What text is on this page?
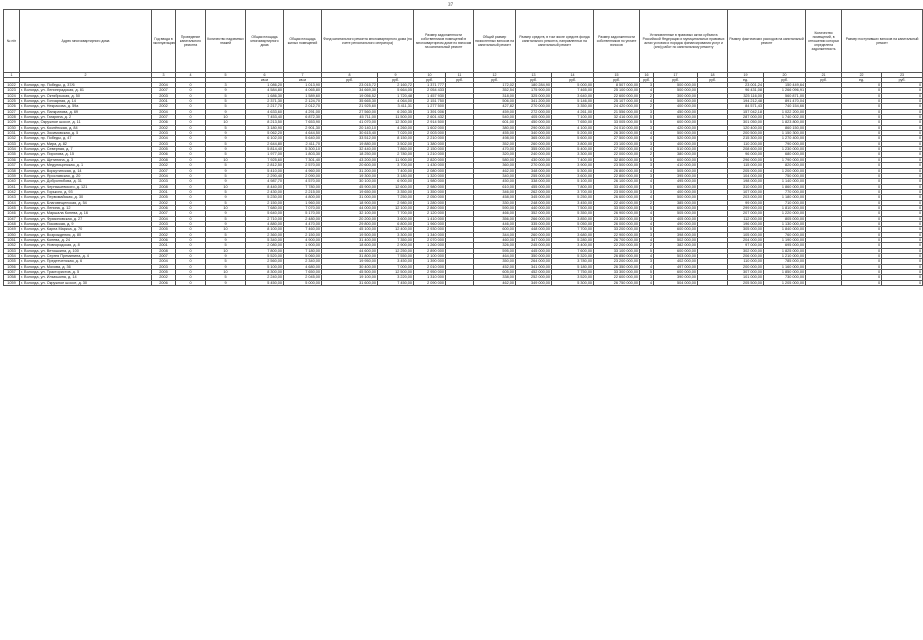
37
№ п/п	Адрес многоквартирного дома	Год ввода в эксплуатацию	Проведение капитального ремонта	Количество надземных этажей	Общая площадь многоквартирного дома	Общая площадь жилых помещений	Фонд капитального ремонта многоквартирного дома (на счете регионального оператора)		Размер задолженности собственников помещений в многоквартирном доме по взносам на капитальный ремонт		Общий размер начисленных взносов на капитальный ремонт	Размер средств, в том числе средств фонда капитального ремонта, направленных на капитальный ремонт		Размер задолженности собственников по уплате взносов	Установленные в правовых актах субъекта Российской Федерации и муниципальных правовых актах условия и порядок финансирования услуг и (или) работ по капитальному ремонту			Размер фактических расходов на капитальный ремонт		Количество помещений, в отношении которых определена задолженность	Размер поступивших взносов на капитальный ремонт	
1	2	3	4	5	6	7	8	9	10	11	12	13	14	15	16	17	18	19	20	21	22	23
					кв.м	кв.м	руб.	руб.	руб.	руб.	руб.	руб.	руб.	руб.	руб.	руб.	руб.	ед.	руб.	руб.	ед.	руб.
1022	г. Вологда, пр. Победы, д. 37/6	2004	0	3	1 086,20	1 013,90	23 015,72	2 160,72	1 371 777		172,02	180 284,90	5 000,00	8 507 000,00	3	500 000,00		23 001,24	150 449,64		0	0
1023	г. Вологда, ул. Ленинградская, д. 81	2007	0	9	4 584,80	4 065,80	34 669,30	5 664,05	2 054 433		352,54	175 900,00	7 465,00	25 100 000,00	4	500 000,00		96 431,08	1 266 096,91		0	0
1024	г. Вологда, ул. Октябрьская, д. 50	2003	0	5	1 686,30	1 589,60	19 056,52	1 720,48	1 457 930		318,00	325 000,00	3 640,00	22 600 000,00	2	300 000,00		325 116,00	560 871,00		0	0
1025	г. Вологда, ул. Гончарная, д. 14	2001	0	5	2 371,30	2 124,70	35 665,30	4 064,00	2 151 750		506,00	341 200,00	5 146,00	25 107 000,00	4	500 000,00		194 212,48	891 470,04		0	0
1026	г. Вологда, ул. Некрасова, д. 59а	2002	0	5	2 217,70	2 012,70	21 925,60	3 411,31	1 277 500		427,82	270 000,00	3 350,00	24 420 000,00	2	400 000,00		84 571,43	740 154,66		0	0
1027	г. Вологда, ул. Панкратова, д. 69	2004	0	9	4 633,60	4 291,00	27 560,00	6 260,35	1 391 006		459,00	272 000,00	4 261,00	21 556 000,00	3	450 000,00		157 042,18	1 022 200,00		0	0
1028	г. Вологда, ул. Гагарина, д. 2	2007	0	10	7 453,40	6 872,30	45 711,00	11 500,00	2 601 432		540,00	405 000,00	7 100,00	32 416 000,00	5	600 000,00		287 000,00	1 740 002,00		0	0
1029	г. Вологда, Окружное шоссе, д. 11	2006	0	10	8 213,50	7 653,90	41 070,00	12 300,00	2 914 500		601,00	450 000,00	7 650,00	33 005 000,00	5	600 000,00		301 050,00	1 823 800,00		0	0
1030	г. Вологда, ул. Козлёнская, д. 84	2002	0	5	3 180,90	2 901,30	20 140,10	4 260,00	1 602 000		380,00	290 000,00	4 100,00	24 010 000,00	3	420 000,00		120 400,00	860 150,00		0	0
1031	г. Вологда, ул. Зосимовская, д. 5	2003	0	9	5 062,20	4 644,50	30 615,40	7 020,00	2 003 000		455,00	340 000,00	5 200,00	26 300 000,00	4	500 000,00		200 500,00	1 150 300,00		0	0
1032	г. Вологда, пр. Победы, д. 47	2004	0	9	6 102,00	5 640,00	33 512,00	8 150,00	2 210 000		498,00	365 000,00	5 600,00	27 500 000,00	4	520 000,00		215 300,00	1 270 400,00		0	0
1033	г. Вологда, ул. Мира, д. 82	2003	0	5	2 644,80	2 411,70	19 880,00	3 502,00	1 380 000		352,00	260 000,00	3 800,00	23 100 000,00	3	400 000,00		110 200,00	790 000,00		0	0
1034	г. Вологда, ул. Северная, д. 7	2005	0	9	5 814,40	5 300,10	32 440,00	7 860,00	2 150 000		470,00	355 000,00	5 400,00	27 000 000,00	4	510 000,00		208 600,00	1 230 000,00		0	0
1035	г. Вологда, ул. Пирогова, д. 15	2006	0	5	1 977,00	1 803,30	18 250,00	2 780,00	1 210 000		320,00	240 000,00	3 300,00	22 000 000,00	2	380 000,00		96 000,00	680 000,00		0	0
1036	г. Вологда, ул. Щетинина, д. 3	2008	0	10	7 925,60	7 301,40	43 200,00	11 900,00	2 820 000		580,00	430 000,00	7 400,00	32 800 000,00	5	600 000,00		296 000,00	1 790 000,00		0	0
1037	г. Вологда, ул. Медуницинская, д. 1	2002	0	5	2 812,50	2 570,00	20 600,00	3 700,00	1 430 000		360,00	270 000,00	3 900,00	23 500 000,00	3	410 000,00		115 000,00	820 000,00		0	0
1038	г. Вологда, ул. Воркутинская, д. 14	2007	0	9	5 410,00	4 960,00	31 200,00	7 400,00	2 080 000		462,00	348 000,00	5 300,00	26 800 000,00	4	505 000,00		205 000,00	1 200 000,00		0	0
1039	г. Вологда, ул. Ярославская, д. 20	2004	0	5	2 290,40	2 090,00	19 300,00	3 180,00	1 320 000		340,00	255 000,00	3 600,00	22 800 000,00	3	395 000,00		104 000,00	750 000,00		0	0
1040	г. Вологда, ул. Добролюбова, д. 31	2003	0	9	4 987,70	4 570,00	30 100,00	6 900,00	1 980 000		450,00	338 000,00	5 100,00	26 100 000,00	4	495 000,00		198 000,00	1 140 000,00		0	0
1041	г. Вологда, ул. Чернышевского, д. 121	2008	0	10	8 440,00	7 780,00	45 900,00	12 600,00	2 980 000		610,00	455 000,00	7 800,00	33 400 000,00	5	600 000,00		310 000,00	1 860 000,00		0	0
1042	г. Вологда, ул. Горького, д. 93	2001	0	5	2 430,00	2 215,00	19 650,00	3 350,00	1 350 000		346,00	262 000,00	3 700,00	23 000 000,00	3	400 000,00		107 000,00	770 000,00		0	0
1043	г. Вологда, ул. Первомайская, д. 30	2005	0	9	5 230,00	4 800,00	31 000,00	7 250,00	2 050 000		458,00	345 000,00	5 250,00	26 600 000,00	4	500 000,00		203 000,00	1 180 000,00		0	0
1044	г. Вологда, ул. Благовещенская, д. 54	2002	0	5	2 150,00	1 960,00	18 900,00	2 980,00	1 280 000		330,00	248 000,00	3 450,00	22 400 000,00	2	385 000,00		99 000,00	710 000,00		0	0
1045	г. Вологда, ул. Ленина, д. 12	2006	0	10	7 680,00	7 070,00	44 000,00	12 100,00	2 860 000		590,00	440 000,00	7 500,00	33 000 000,00	5	600 000,00		299 000,00	1 810 000,00		0	0
1046	г. Вологда, ул. Маршала Конева, д. 16	2007	0	9	5 640,00	5 170,00	32 100,00	7 700,00	2 120 000		466,00	352 000,00	5 350,00	26 900 000,00	4	505 000,00		207 000,00	1 220 000,00		0	0
1047	г. Вологда, ул. Фрязиновская, д. 27	2004	0	5	2 710,00	2 480,00	20 200,00	3 600,00	1 410 000		356,00	266 000,00	3 850,00	23 300 000,00	3	405 000,00		112 000,00	805 000,00		0	0
1048	г. Вологда, ул. Псковская, д. 9	2003	0	9	4 880,00	4 470,00	29 800,00	6 800,00	1 960 000		446,00	335 000,00	5 050,00	26 000 000,00	4	490 000,00		196 000,00	1 130 000,00		0	0
1049	г. Вологда, ул. Карла Маркса, д. 70	2005	0	10	8 100,00	7 460,00	45 100,00	12 400,00	2 930 000		600,00	448 000,00	7 700,00	33 200 000,00	5	600 000,00		305 000,00	1 840 000,00		0	0
1050	г. Вологда, ул. Возрождения, д. 80	2002	0	5	2 360,00	2 150,00	19 500,00	3 300,00	1 340 000		344,00	260 000,00	3 680,00	22 900 000,00	3	398 000,00		105 000,00	760 000,00		0	0
1051	г. Вологда, ул. Конева, д. 24	2006	0	9	5 340,00	4 900,00	31 400,00	7 350,00	2 070 000		460,00	347 000,00	5 280,00	26 700 000,00	4	502 000,00		204 000,00	1 190 000,00		0	0
1052	г. Вологда, ул. Новгородская, д. 8	2001	0	5	2 080,00	1 900,00	18 600,00	2 900,00	1 260 000		326,00	245 000,00	3 400,00	22 200 000,00	2	382 000,00		97 000,00	695 000,00		0	0
1053	г. Вологда, ул. Ветошкина, д. 100	2008	0	10	7 800,00	7 180,00	44 600,00	12 250,00	2 890 000		595,00	445 000,00	7 600,00	33 100 000,00	5	600 000,00		302 000,00	1 825 000,00		0	0
1054	г. Вологда, ул. Сергея Преминина, д. 4	2007	0	9	5 520,00	5 060,00	31 800,00	7 550,00	2 100 000		464,00	350 000,00	5 320,00	26 850 000,00	4	503 000,00		206 000,00	1 210 000,00		0	0
1055	г. Вологда, ул. Предтеченская, д. 6	2004	0	5	2 560,00	2 340,00	19 950,00	3 450,00	1 390 000		350,00	264 000,00	3 780,00	23 200 000,00	3	402 000,00		110 000,00	785 000,00		0	0
1056	г. Вологда, ул. Мохова, д. 36	2003	0	9	5 100,00	4 680,00	30 400,00	7 000,00	2 010 000		452,00	341 000,00	5 180,00	26 350 000,00	4	497 000,00		200 000,00	1 160 000,00		0	0
1057	г. Вологда, ул. Трактористов, д. 5	2005	0	10	8 300,00	7 650,00	45 500,00	12 500,00	2 950 000		605,00	452 000,00	7 750,00	33 300 000,00	5	600 000,00		307 000,00	1 850 000,00		0	0
1058	г. Вологда, ул. Ильюшина, д. 14	2002	0	5	2 240,00	2 045,00	19 100,00	3 220,00	1 310 000		338,00	252 000,00	3 520,00	22 600 000,00	3	390 000,00		101 000,00	730 000,00		0	0
1059	г. Вологда, ул. Окружное шоссе, д. 30	2006	0	9	5 450,00	5 000,00	31 600,00	7 450,00	2 090 000		462,00	349 000,00	5 300,00	26 750 000,00	4	504 000,00		205 500,00	1 205 000,00		0	0
